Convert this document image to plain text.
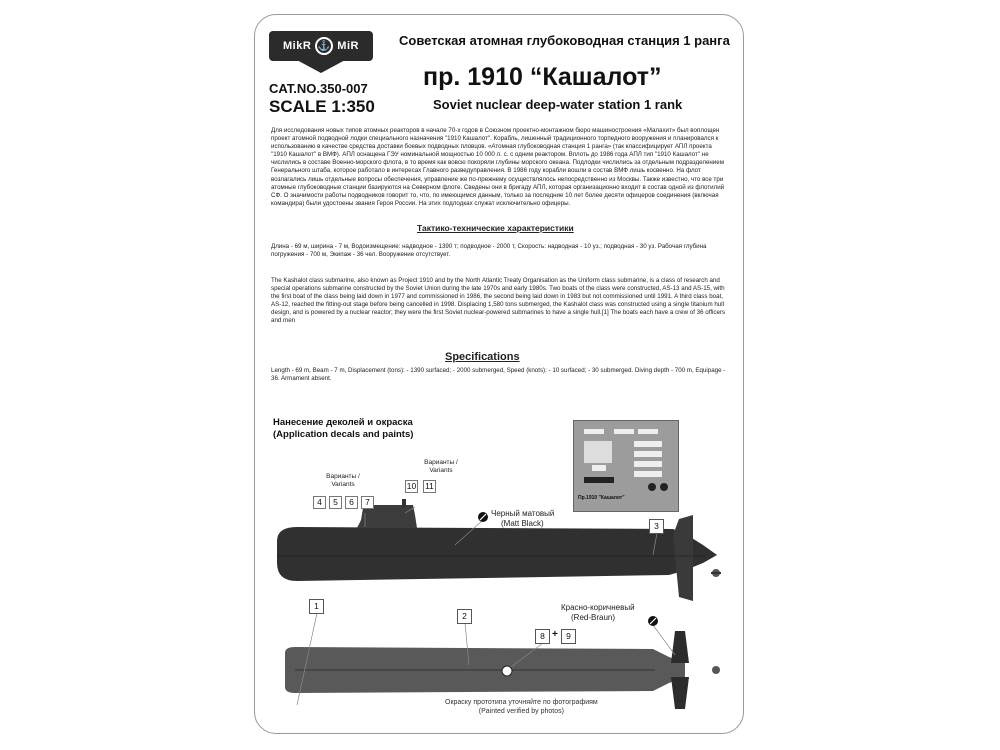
MikR ⚓ MiR
CAT.NO.350-007
SCALE 1:350
Советская атомная глубоководная станция 1 ранга
пр. 1910 “Кашалот”
Soviet nuclear deep-water station 1 rank
Для исследования новых типов атомных реакторов в начале 70-х годов в Союзном проектно-монтажном бюро машиностроения «Малахит» был воплощен проект атомной подводной лодки специального назначения "1910 Кашалот". Корабль, лишенный традиционного торпедного вооружения и планировался к использованию в качестве средства доставки боевых подводных пловцов. «Атомная глубоководная станция 1 ранга» (так классифицирует АПЛ проекта "1910 Кашалот" в ВМФ). АПЛ оснащена ГЭУ номинальной мощностью 10 000 л. с. с одним реактором. Вплоть до 1986 года АПЛ тип "1910 Кашалот" не числились в составе Военно-морского флота, в то время как вовсю покоряли глубины морского океана. Подлодки числились за отдельным подразделением Генерального штаба, которое работало в интересах Главного разведуправления. В 1986 году корабли вошли в состав ВМФ лишь косвенно. На флот возлагались лишь отдельные вопросы обеспечения, управление же по-прежнему осуществлялось непосредственно из Москвы. Также известно, что все три атомные глубоководные станции базируются на Северном флоте. Сведены они в бригаду АПЛ, которая организационно входит в состав одной из флотилий СФ. О значимости работы подводников говорит то, что, по имеющимся данным, только за последние 10 лет более десяти офицеров соединения (включая командира) были удостоены звания Героя России. На этих подлодках служат исключительно офицеры.
Тактико-технические характеристики
Длина - 69 м, ширина - 7 м, Водоизмещение: надводное - 1390 т; подводное - 2000 т, Скорость: надводная - 10 уз.; подводная - 30 уз. Рабочая глубина погружения - 700 м, Экипаж - 36 чел. Вооружение отсутствует.
The Kashalot class submarine, also known as Project 1910 and by the North Atlantic Treaty Organisation as the Uniform class submarine, is a class of research and special operations submarine constructed by the Soviet Union during the late 1970s and early 1980s. Two boats of the class were constructed, AS-13 and AS-15, with the first boat of the class being laid down in 1977 and commissioned in 1986, the second being laid down in 1983 but not commissioned until 1991. A third class boat, AS-12, reached the fitting-out stage before being cancelled in 1998. Displacing 1,580 tons submerged, the Kashalot class was constructed using a single titanium hull design, and is powered by a nuclear reactor; they were the first Soviet nuclear-powered submarines to have a single hull.[1] The boats each have a crew of 36 officers and men
Specifications
Length - 69 m, Beam - 7 m, Displacement (tons): - 1390 surfaced; - 2000 submerged, Speed (knots): - 10 surfaced; - 30 submerged. Diving depth - 700 m, Equipage - 36. Armament absent.
Нанесение деколей и окраска
(Application decals and paints)
Варианты / Variants
4	5	6	7
Варианты / Variants
10 11
Черный матовый
(Matt Black)
Красно-коричневый
(Red-Braun)
1
2
3
8 + 9
Пр.1910 "Кашалот"
Окраску прототипа уточняйте по фотографиям
(Painted verified by photos)
